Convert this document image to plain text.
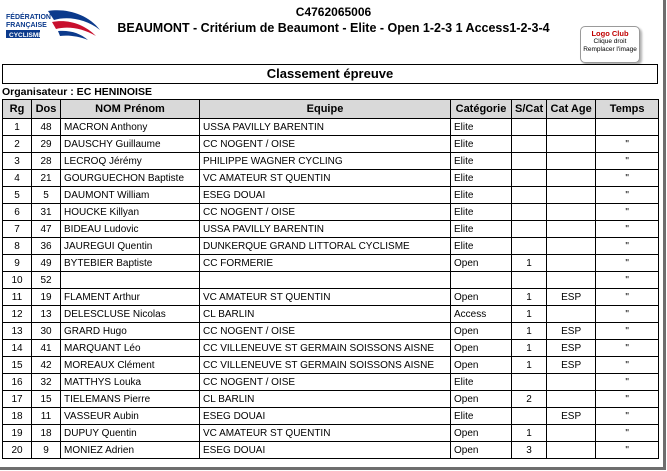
FÉDÉRATION
FRANÇAISE
CYCLISME
C4762065006
BEAUMONT - Critérium de Beaumont - Elite - Open 1-2-3 1 Access1-2-3-4	Logo Club
Clique droit
Remplacer l'image
Classement épreuve
Organisateur : EC HENINOISE
Rg	Dos	NOM Prénom	Equipe	Catégorie	S/Cat	Cat Age	Temps
1	48	MACRON Anthony	USSA PAVILLY BARENTIN	Elite			
2	29	DAUSCHY Guillaume	CC NOGENT / OISE	Elite			"
3	28	LECROQ Jérémy	PHILIPPE WAGNER CYCLING	Elite			"
4	21	GOURGUECHON Baptiste	VC AMATEUR ST QUENTIN	Elite			"
5	5	DAUMONT William	ESEG DOUAI	Elite			"
6	31	HOUCKE Killyan	CC NOGENT / OISE	Elite			"
7	47	BIDEAU Ludovic	USSA PAVILLY BARENTIN	Elite			"
8	36	JAUREGUI Quentin	DUNKERQUE GRAND LITTORAL CYCLISME	Elite			"
9	49	BYTEBIER Baptiste	CC FORMERIE	Open	1		"
10	52						"
11	19	FLAMENT Arthur	VC AMATEUR ST QUENTIN	Open	1	ESP	"
12	13	DELESCLUSE Nicolas	CL BARLIN	Access	1		"
13	30	GRARD Hugo	CC NOGENT / OISE	Open	1	ESP	"
14	41	MARQUANT Léo	CC VILLENEUVE ST GERMAIN SOISSONS AISNE	Open	1	ESP	"
15	42	MOREAUX Clément	CC VILLENEUVE ST GERMAIN SOISSONS AISNE	Open	1	ESP	"
16	32	MATTHYS Louka	CC NOGENT / OISE	Elite			"
17	15	TIELEMANS Pierre	CL BARLIN	Open	2		"
18	11	VASSEUR Aubin	ESEG DOUAI	Elite		ESP	"
19	18	DUPUY Quentin	VC AMATEUR ST QUENTIN	Open	1		"
20	9	MONIEZ Adrien	ESEG DOUAI	Open	3		"
